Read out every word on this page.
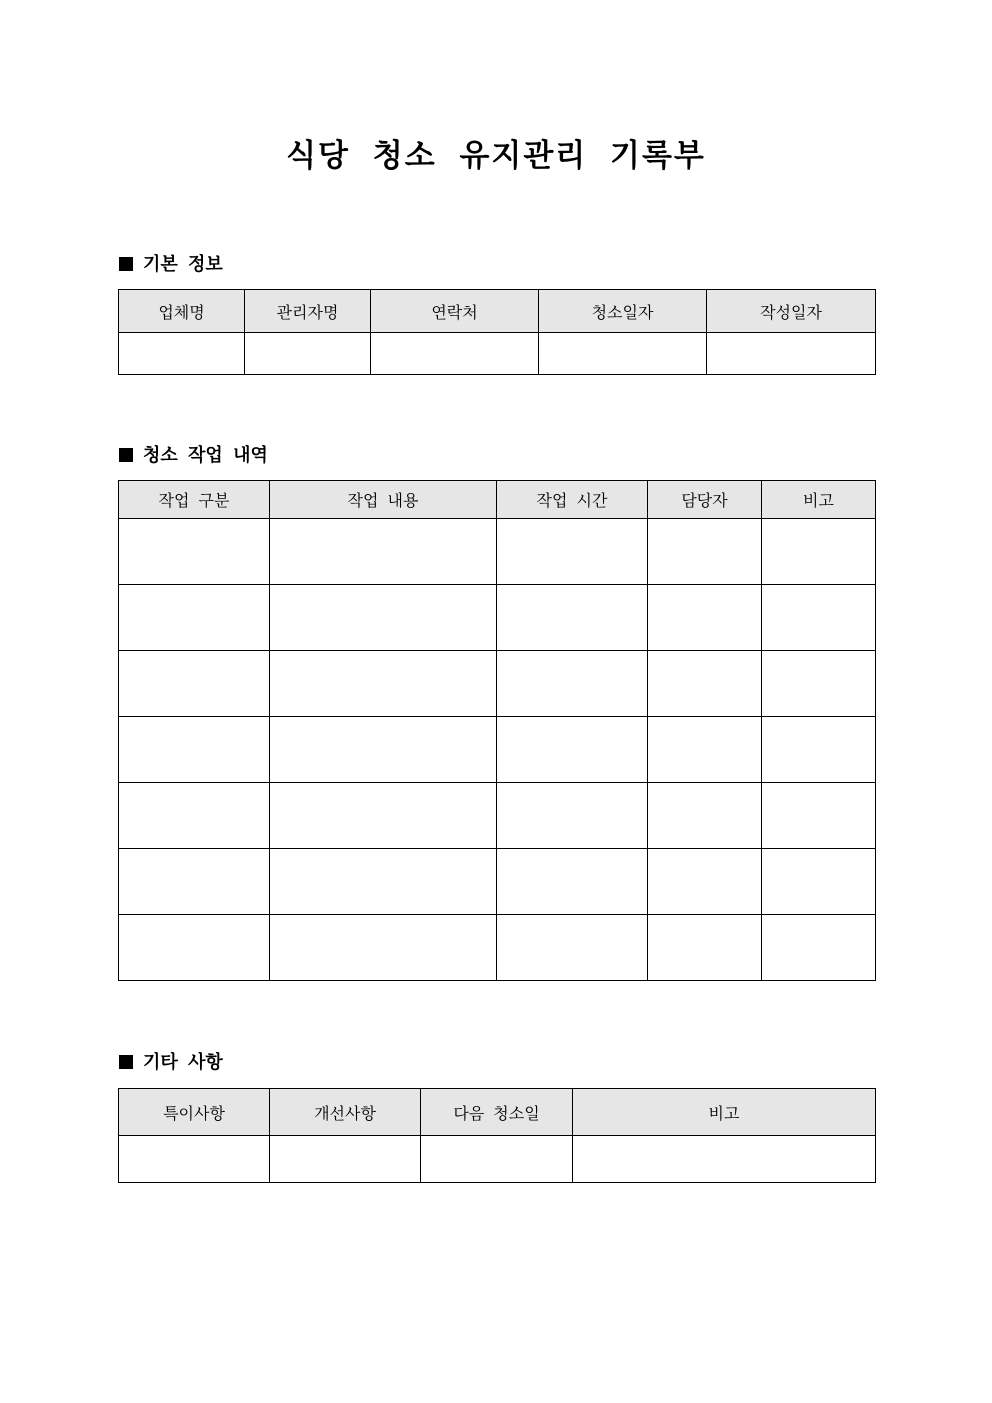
식당 청소 유지관리 기록부
기본 정보
업체명	관리자명	연락처	청소일자	작성일자

청소 작업 내역
작업 구분	작업 내용	작업 시간	담당자	비고

기타 사항
특이사항	개선사항	다음 청소일	비고
